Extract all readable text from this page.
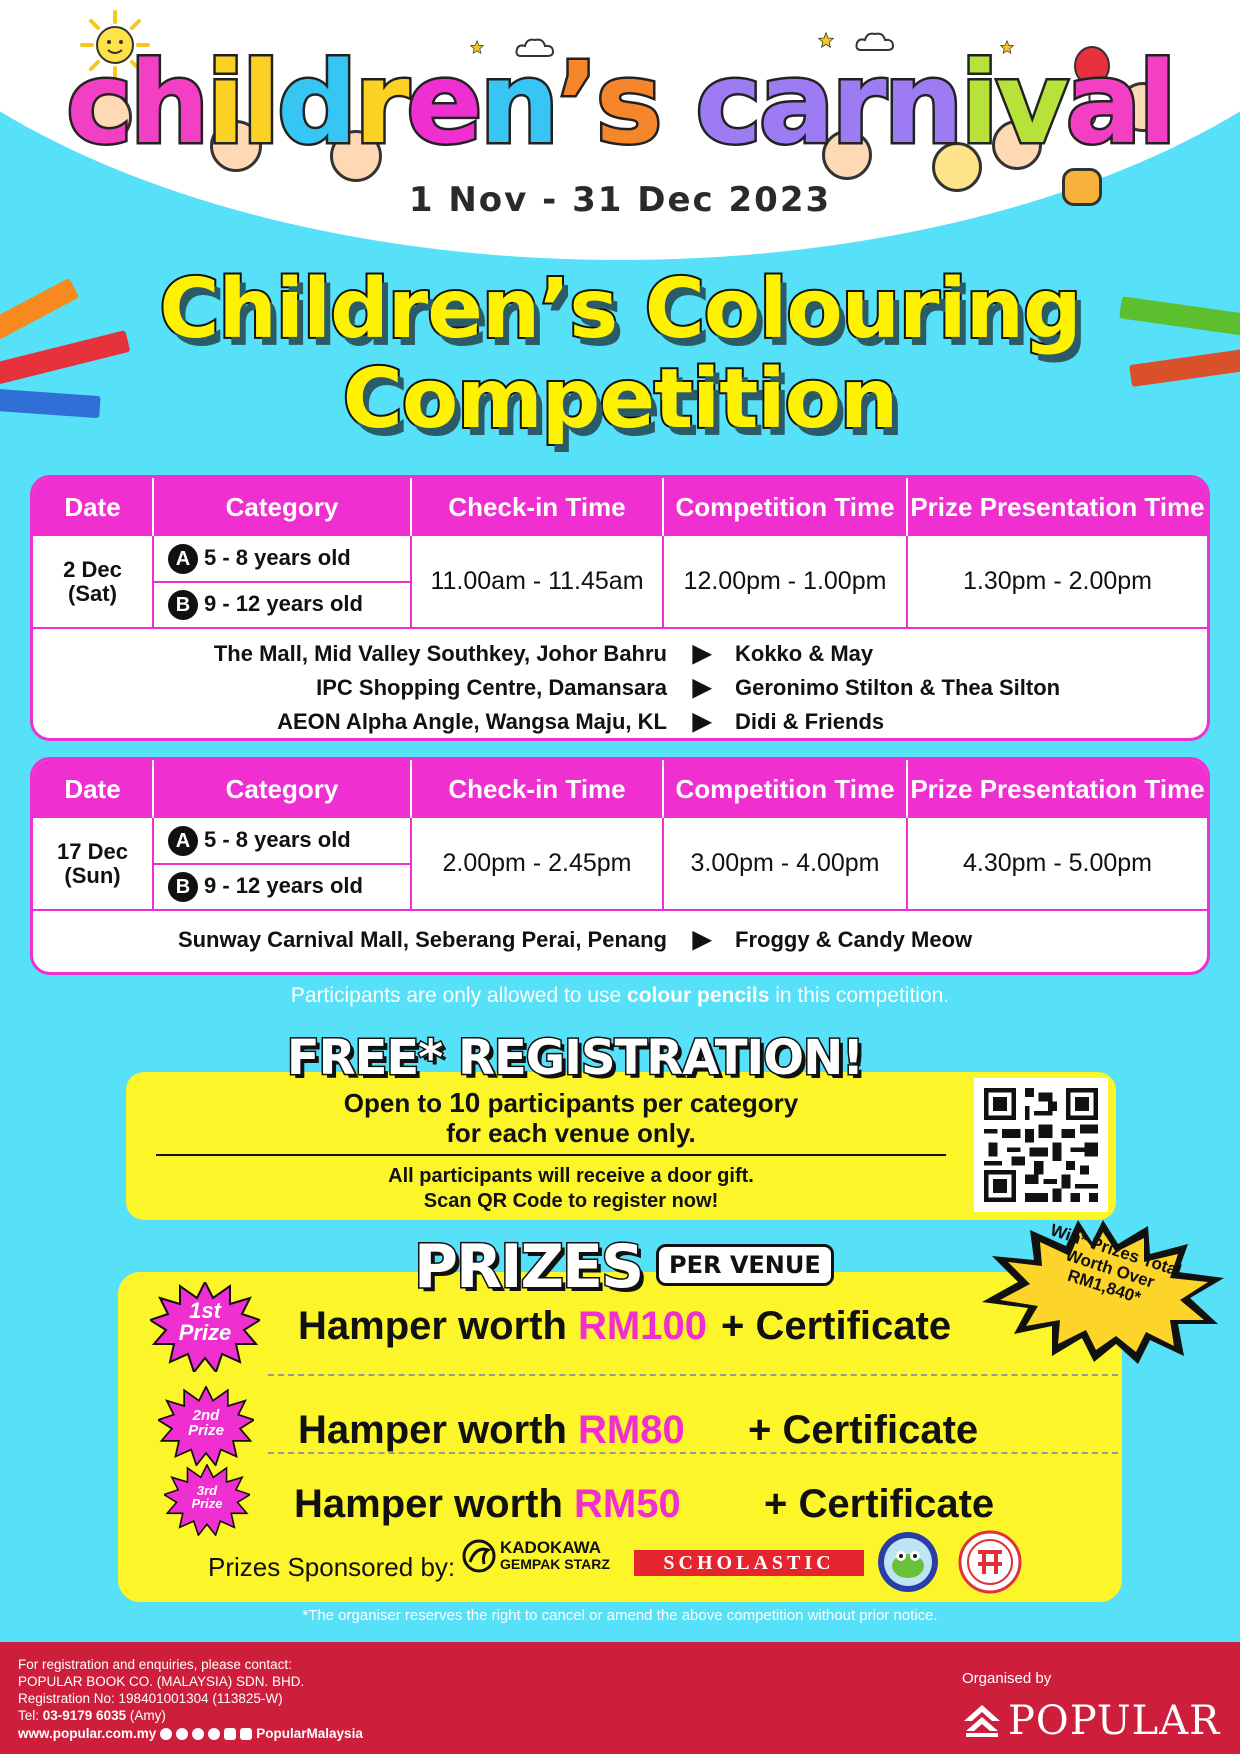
children’s carnival
1 Nov - 31 Dec 2023
Children’s Colouring
Competition
Date	Category	Check-in Time	Competition Time	Prize Presentation Time
2 Dec
(Sat)	A 5 - 8 years old	11.00am - 11.45am	12.00pm - 1.00pm	1.30pm - 2.00pm
	B 9 - 12 years old			
The Mall, Mid Valley Southkey, Johor Bahru	▶	Kokko & May
IPC Shopping Centre, Damansara	▶	Geronimo Stilton & Thea Silton
AEON Alpha Angle, Wangsa Maju, KL	▶	Didi & Friends
Date	Category	Check-in Time	Competition Time	Prize Presentation Time
17 Dec
(Sun)	A 5 - 8 years old	2.00pm - 2.45pm	3.00pm - 4.00pm	4.30pm - 5.00pm
	B 9 - 12 years old			
Sunway Carnival Mall, Seberang Perai, Penang	▶	Froggy & Candy Meow
Participants are only allowed to use colour pencils in this competition.
Open to 10 participants per category
for each venue only.
All participants will receive a door gift.
Scan QR Code to register now!
FREE* REGISTRATION!
1st
Prize	Hamper worth RM100 + Certificate
2nd
Prize	Hamper worth RM80 + Certificate
3rd
Prize	Hamper worth RM50 + Certificate
Prizes Sponsored by:
KADOKAWA
GEMPAK STARZ	SCHOLASTIC
PRIZES	PER VENUE	Win* Prizes Total Worth Over RM1,840*
*The organiser reserves the right to cancel or amend the above competition without prior notice.
For registration and enquiries, please contact:
POPULAR BOOK CO. (MALAYSIA) SDN. BHD.
Registration No: 198401001304 (113825-W)
Tel: 03-9179 6035 (Amy)
www.popular.com.my	PopularMalaysia
Organised by
POPULAR
